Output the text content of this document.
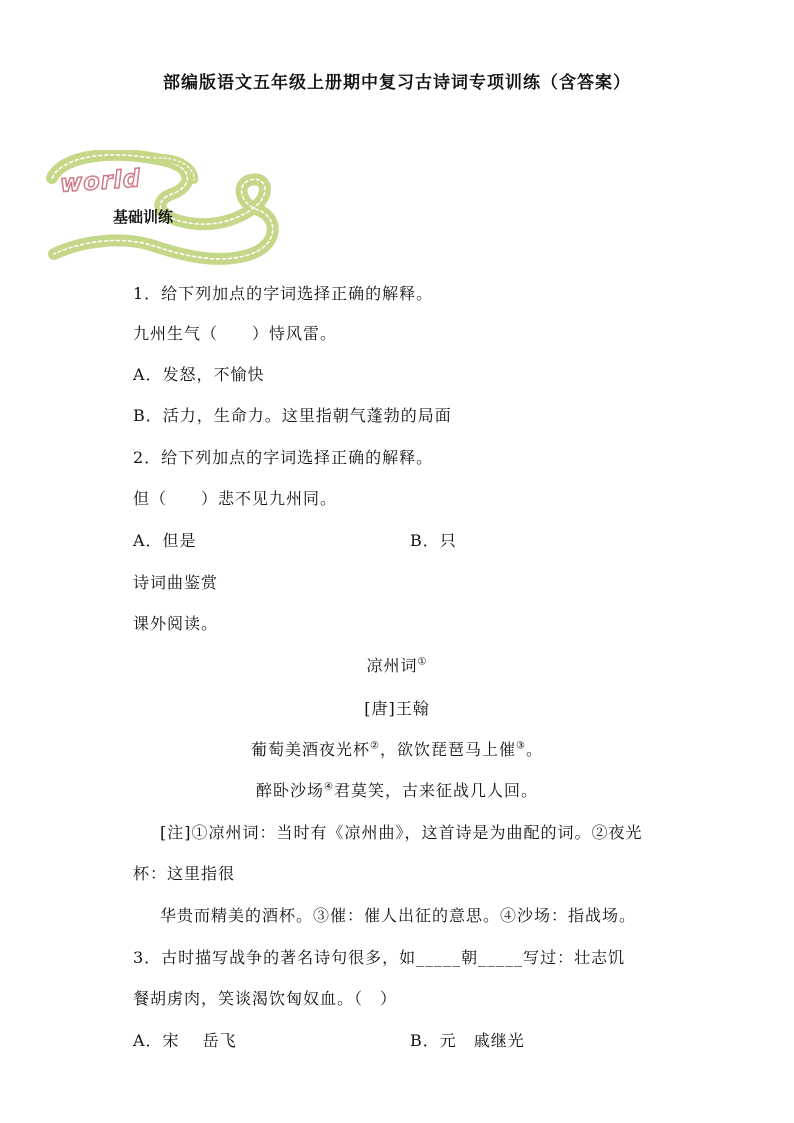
部编版语文五年级上册期中复习古诗词专项训练（含答案）
world
基础训练
1．给下列加点的字词选择正确的解释。
九州生气（　　）恃风雷。
A．发怒，不愉快
B．活力，生命力。这里指朝气蓬勃的局面
2．给下列加点的字词选择正确的解释。
但（　　）悲不见九州同。
A．但是	B．只
诗词曲鉴赏
课外阅读。
凉州词①
[唐]王翰
葡萄美酒夜光杯②，欲饮琵琶马上催③。
醉卧沙场④君莫笑，古来征战几人回。
[注]①凉州词：当时有《凉州曲》，这首诗是为曲配的词。②夜光
杯：这里指很
华贵而精美的酒杯。③催：催人出征的意思。④沙场：指战场。
3．古时描写战争的著名诗句很多，如_____朝_____写过：壮志饥
餐胡虏肉，笑谈渴饮匈奴血。（　）
A．宋　 岳飞	B．元　戚继光
